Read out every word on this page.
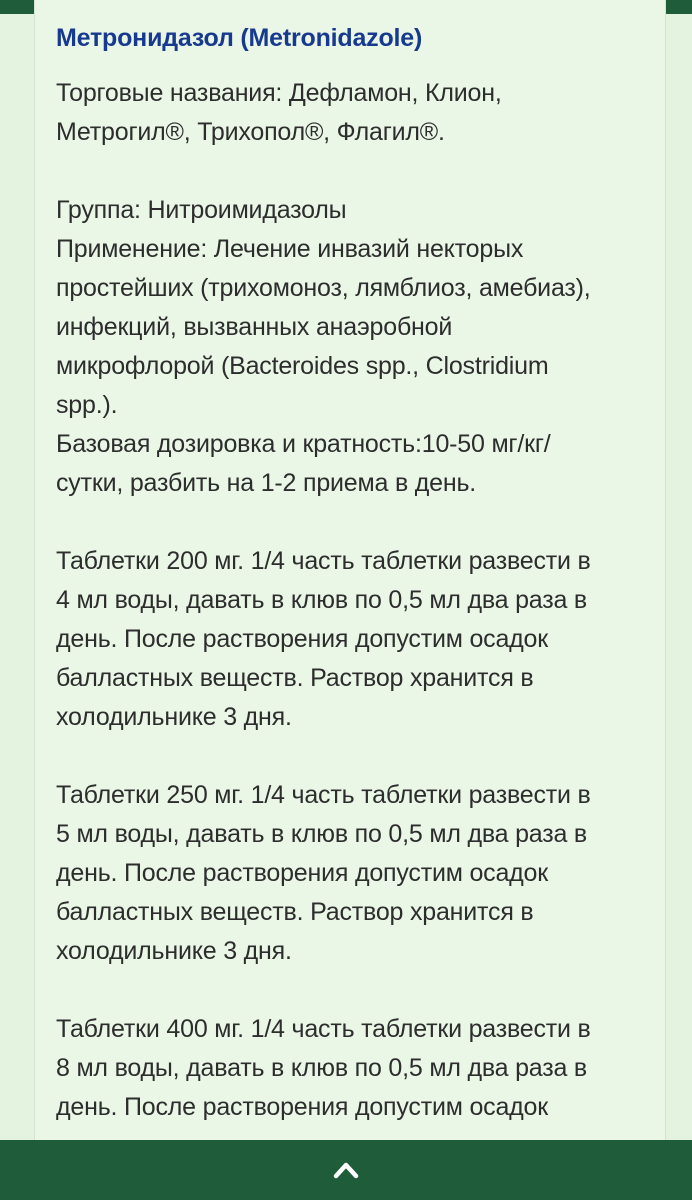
Метронидазол (Metronidazole)

Торговые названия: Дефламон, Клион,
Метрогил®, Трихопол®, Флагил®.

Группа: Нитроимидазолы

Применение: Лечение инвазий некторых
простейших (трихомоноз, лямблиоз, амебиаз),
инфекций, вызванных анаэробной
микрофлорой (Bacteroides spp., Clostridium
spp.).

Базовая дозировка и кратность:10-50 мг/кг/
сутки, разбить на 1-2 приема в день.

Таблетки 200 мг. 1/4 часть таблетки развести в
4 мл воды, давать в клюв по 0,5 мл два раза в
день. После растворения допустим осадок
балластных веществ. Раствор хранится в
холодильнике 3 дня.

Таблетки 250 мг. 1/4 часть таблетки развести в
5 мл воды, давать в клюв по 0,5 мл два раза в
день. После растворения допустим осадок
балластных веществ. Раствор хранится в
холодильнике 3 дня.

Таблетки 400 мг. 1/4 часть таблетки развести в
8 мл воды, давать в клюв по 0,5 мл два раза в
день. После растворения допустим осадок
